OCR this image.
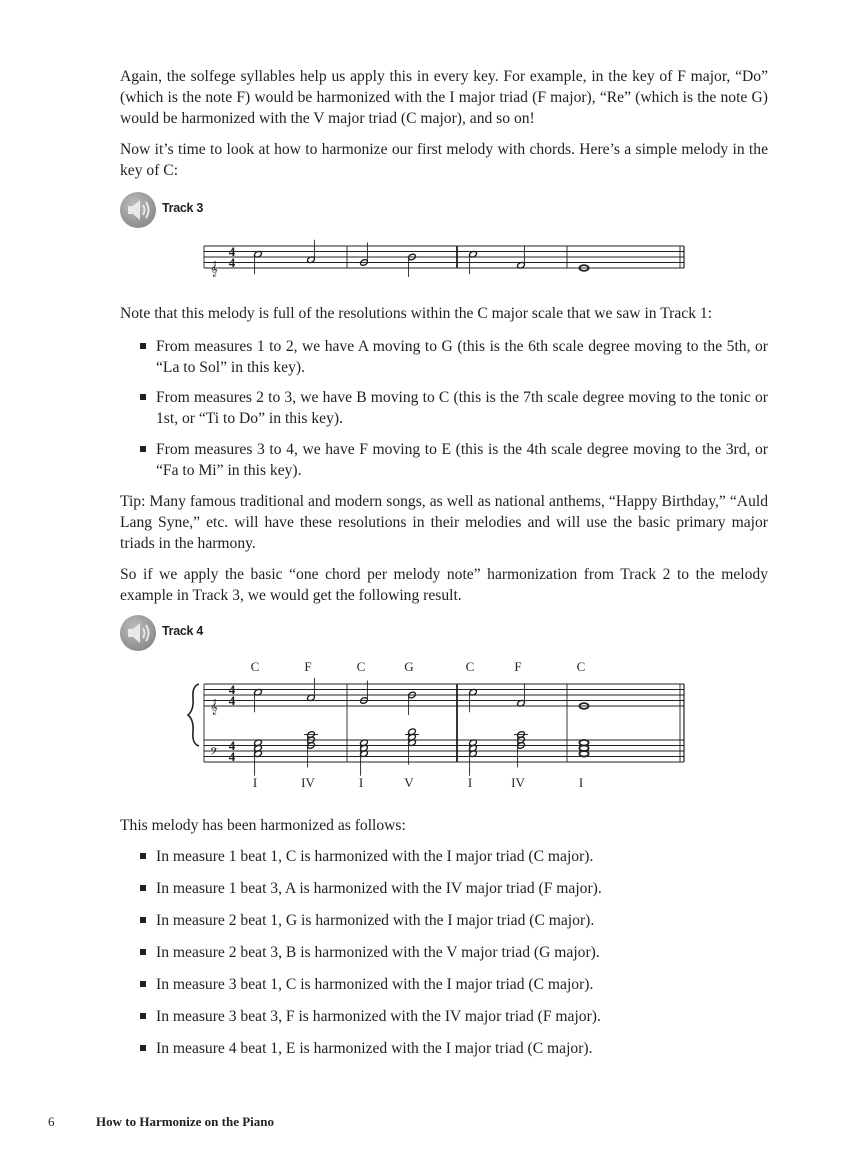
Again, the solfege syllables help us apply this in every key. For example, in the key of F major, “Do” (which is the note F) would be harmonized with the I major triad (F major), “Re” (which is the note G) would be harmonized with the V major triad (C major), and so on!
Now it’s time to look at how to harmonize our first melody with chords. Here’s a simple melody in the key of C:
Track 3
𝄞
4
4
Note that this melody is full of the resolutions within the C major scale that we saw in Track 1:
From measures 1 to 2, we have A moving to G (this is the 6th scale degree moving to the 5th, or “La to Sol” in this key).
From measures 2 to 3, we have B moving to C (this is the 7th scale degree moving to the tonic or 1st, or “Ti to Do” in this key).
From measures 3 to 4, we have F moving to E (this is the 4th scale degree moving to the 3rd, or “Fa to Mi” in this key).
Tip: Many famous traditional and modern songs, as well as national anthems, “Happy Birthday,” “Auld Lang Syne,” etc. will have these resolutions in their melodies and will use the basic primary major triads in the harmony.
So if we apply the basic “one chord per melody note” harmonization from Track 2 to the melody example in Track 3, we would get the following result.
Track 4
𝄞
4
4
𝄢 4
4
C	F	C	G	C	F	C
I	IV	I	V	I	IV	I
This melody has been harmonized as follows:
In measure 1 beat 1, C is harmonized with the I major triad (C major).
In measure 1 beat 3, A is harmonized with the IV major triad (F major).
In measure 2 beat 1, G is harmonized with the I major triad (C major).
In measure 2 beat 3, B is harmonized with the V major triad (G major).
In measure 3 beat 1, C is harmonized with the I major triad (C major).
In measure 3 beat 3, F is harmonized with the IV major triad (F major).
In measure 4 beat 1, E is harmonized with the I major triad (C major).
6	How to Harmonize on the Piano
